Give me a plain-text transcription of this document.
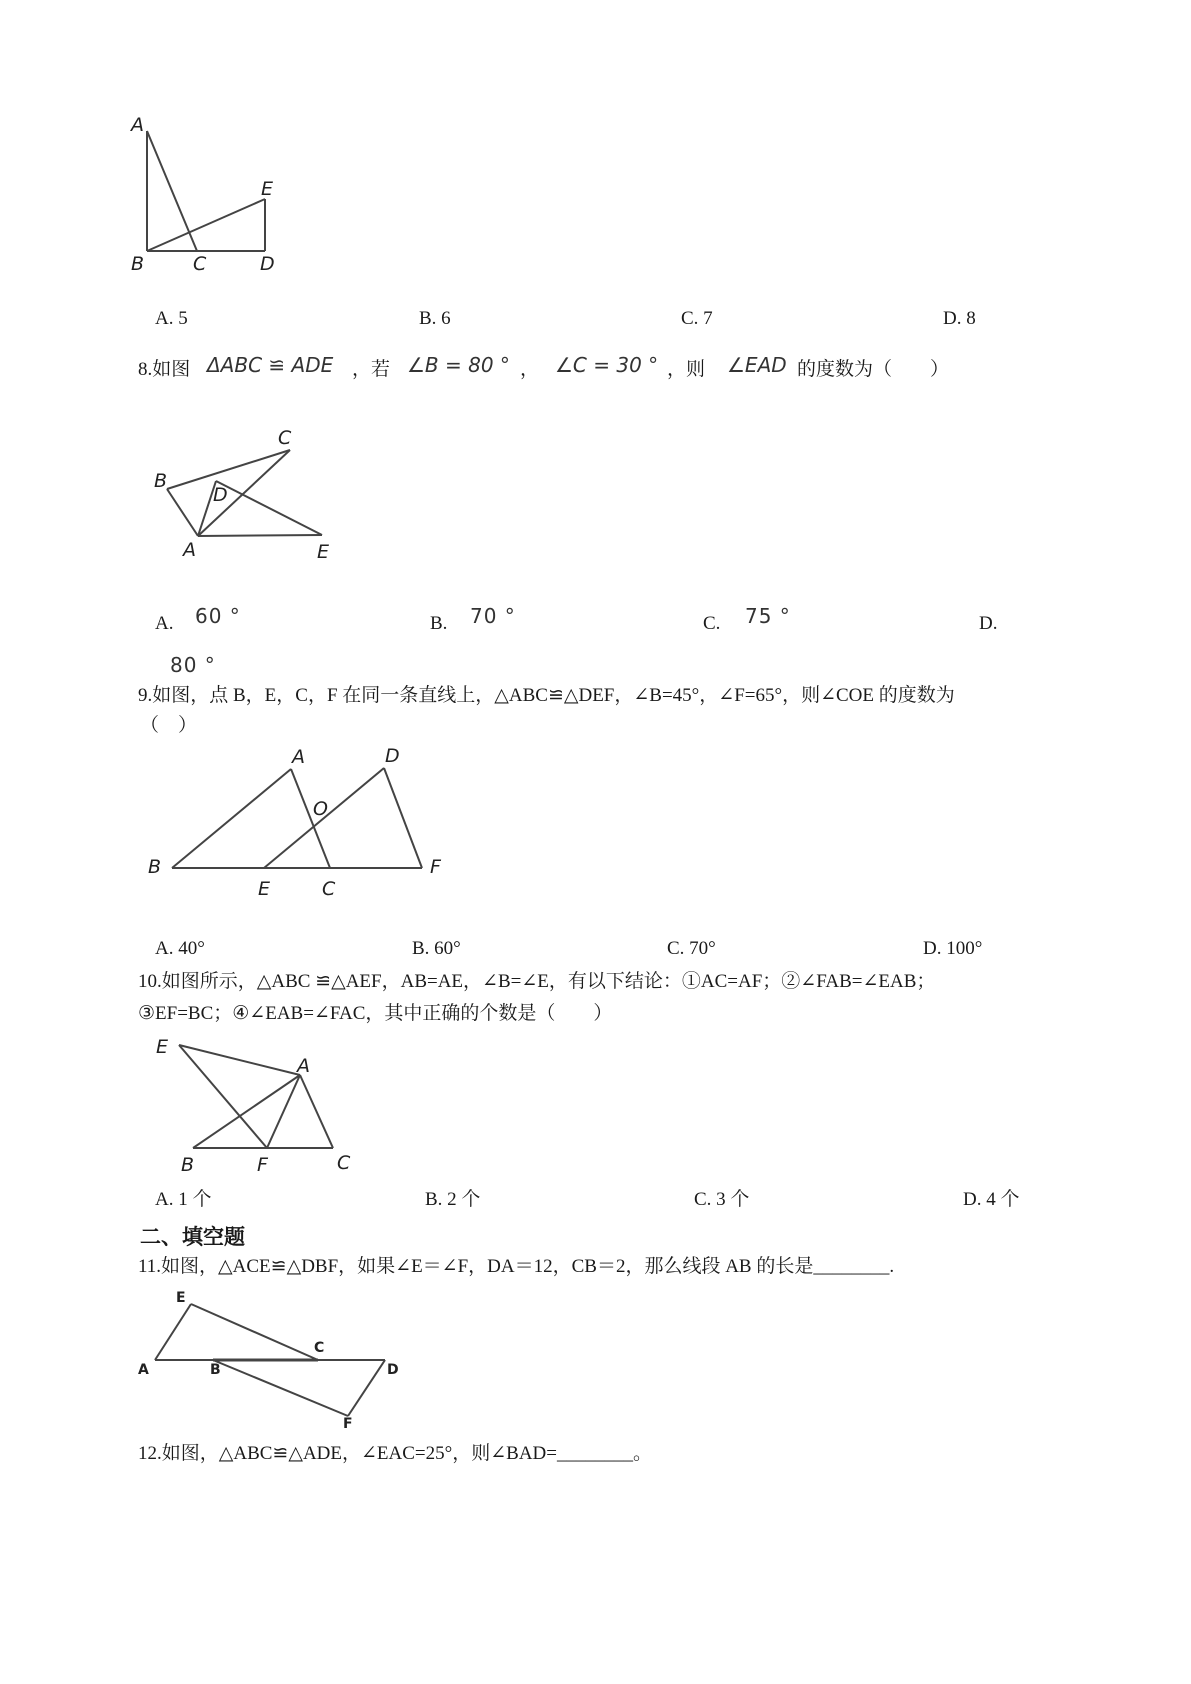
A
B	C	D
E
A. 5	B. 6	C. 7	D. 8
8.如图 ΔABC ≌ ADE ，若 ∠B = 80 ° ， ∠C = 30 ° ，则 ∠EAD 的度数为（　　）
B
C
D
A	E
A. 60 °	B. 70 °	C. 75 °	D.
80 °
9.如图，点 B，E，C，F 在同一条直线上，△ABC≌△DEF，∠B=45°，∠F=65°，则∠COE 的度数为
（　）
A	D
O
B
E	C
F
A. 40°	B. 60°	C. 70°	D. 100°
10.如图所示，△ABC ≌△AEF，AB=AE，∠B=∠E，有以下结论：①AC=AF；②∠FAB=∠EAB；
③EF=BC；④∠EAB=∠FAC，其中正确的个数是（　　）
E
A
B	F	C
A. 1 个	B. 2 个	C. 3 个	D. 4 个
二、填空题
11.如图，△ACE≌△DBF，如果∠E＝∠F，DA＝12，CB＝2，那么线段 AB 的长是________.
E
C
A	B	D
F
12.如图，△ABC≌△ADE，∠EAC=25°，则∠BAD=________。
